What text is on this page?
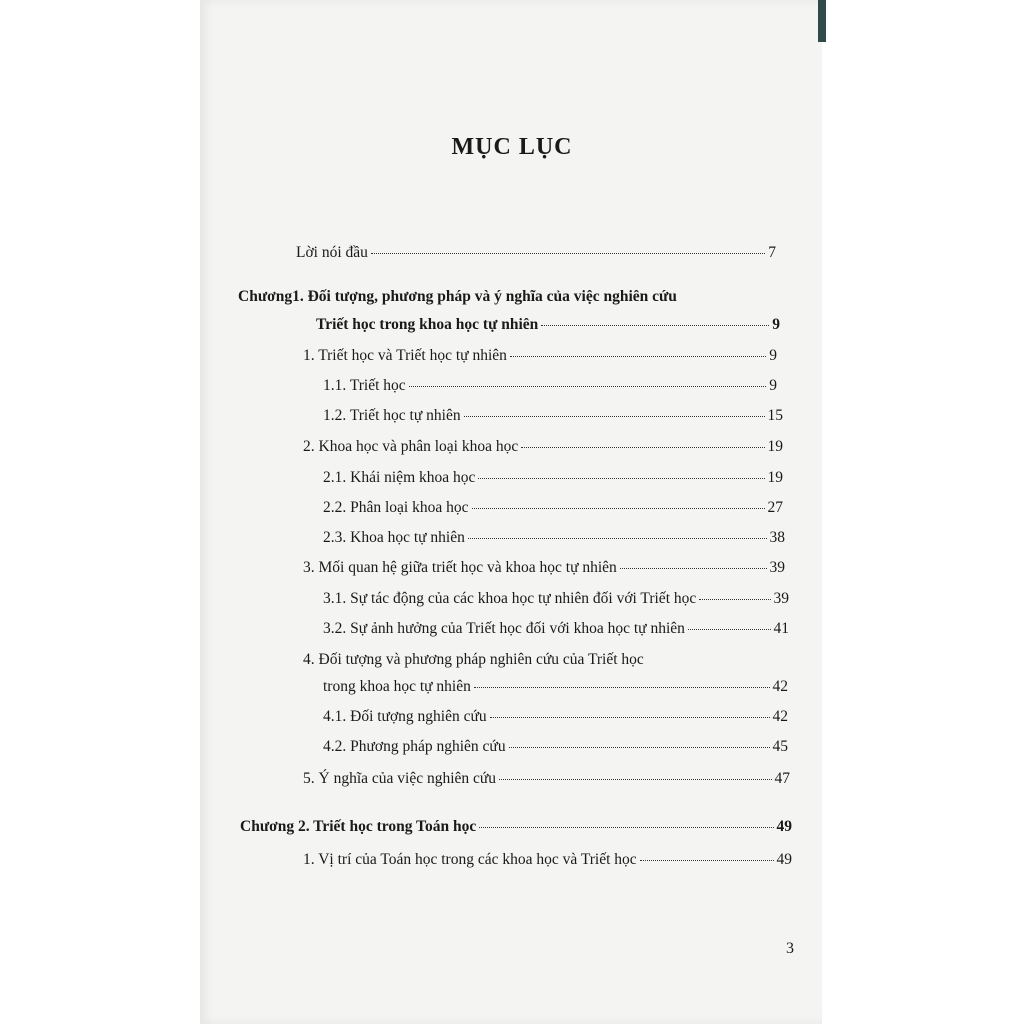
MỤC LỤC
Lời nói đầu	7
Chương1. Đối tượng, phương pháp và ý nghĩa của việc nghiên cứu
Triết học trong khoa học tự nhiên	9
1. Triết học và Triết học tự nhiên	9
1.1. Triết học	9
1.2. Triết học tự nhiên	15
2. Khoa học và phân loại khoa học	19
2.1. Khái niệm khoa học	19
2.2. Phân loại khoa học	27
2.3. Khoa học tự nhiên	38
3. Mối quan hệ giữa triết học và khoa học tự nhiên	39
3.1. Sự tác động của các khoa học tự nhiên đối với Triết học	39
3.2. Sự ảnh hưởng của Triết học đối với khoa học tự nhiên	41
4. Đối tượng và phương pháp nghiên cứu của Triết học
trong khoa học tự nhiên	42
4.1. Đối tượng nghiên cứu	42
4.2. Phương pháp nghiên cứu	45
5. Ý nghĩa của việc nghiên cứu	47
Chương 2. Triết học trong Toán học	49
1. Vị trí của Toán học trong các khoa học và Triết học	49
3
